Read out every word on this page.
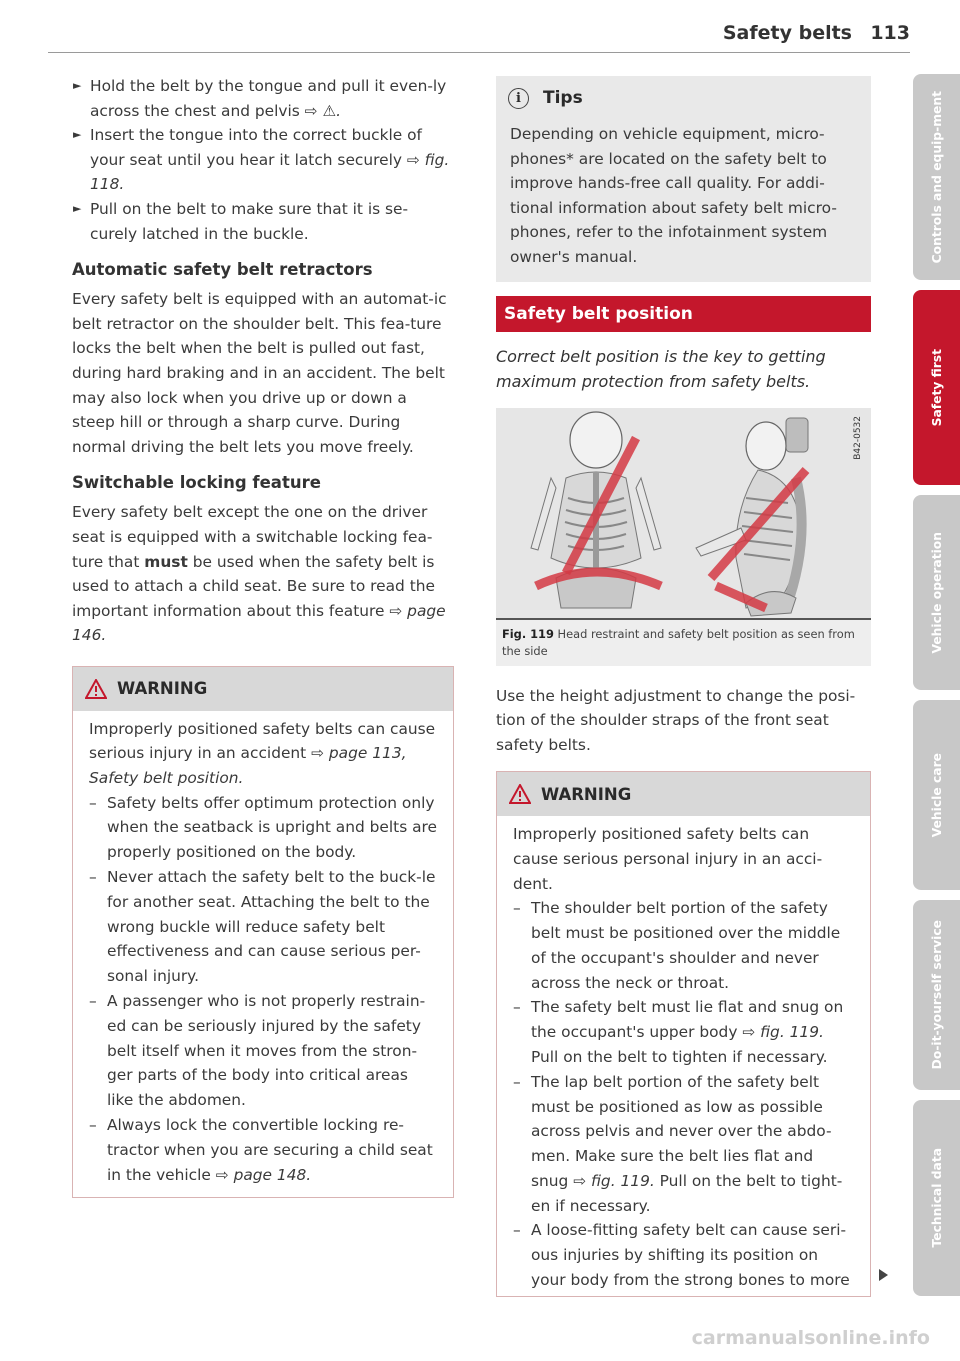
Safety belts 113
► Hold the belt by the tongue and pull it even-ly across the chest and pelvis ⇨ ⚠.
► Insert the tongue into the correct buckle of your seat until you hear it latch securely ⇨ fig. 118.
► Pull on the belt to make sure that it is se-curely latched in the buckle.
Automatic safety belt retractors

Every safety belt is equipped with an automat-ic belt retractor on the shoulder belt. This fea-ture locks the belt when the belt is pulled out fast, during hard braking and in an accident. The belt may also lock when you drive up or down a steep hill or through a sharp curve. During normal driving the belt lets you move freely.

Switchable locking feature

Every safety belt except the one on the driver seat is equipped with a switchable locking fea-ture that must be used when the safety belt is used to attach a child seat. Be sure to read the important information about this feature ⇨ page 146.

WARNING

Improperly positioned safety belts can cause serious injury in an accident ⇨ page 113, Safety belt position.

– Safety belts offer optimum protection only when the seatback is upright and belts are properly positioned on the body.
– Never attach the safety belt to the buck-le for another seat. Attaching the belt to the wrong buckle will reduce safety belt effectiveness and can cause serious per-sonal injury.
– A passenger who is not properly restrain-ed can be seriously injured by the safety belt itself when it moves from the stron-ger parts of the body into critical areas like the abdomen.
– Always lock the convertible locking re-tractor when you are securing a child seat in the vehicle ⇨ page 148.
i	Tips

Depending on vehicle equipment, micro-phones* are located on the safety belt to improve hands-free call quality. For addi-tional information about safety belt micro-phones, refer to the infotainment system owner's manual.

Safety belt position
Correct belt position is the key to getting maximum protection from safety belts.
B42-0532
Fig. 119 Head restraint and safety belt position as seen from the side

Use the height adjustment to change the posi-tion of the shoulder straps of the front seat safety belts.

WARNING

Improperly positioned safety belts can cause serious personal injury in an acci-dent.

– The shoulder belt portion of the safety belt must be positioned over the middle of the occupant's shoulder and never across the neck or throat.
– The safety belt must lie flat and snug on the occupant's upper body ⇨ fig. 119. Pull on the belt to tighten if necessary.
– The lap belt portion of the safety belt must be positioned as low as possible across pelvis and never over the abdo-men. Make sure the belt lies flat and snug ⇨ fig. 119. Pull on the belt to tight-en if necessary.
– A loose-fitting safety belt can cause seri-ous injuries by shifting its position on your body from the strong bones to more
Controls and equip-ment
Safety first
Vehicle operation
Vehicle care
Do-it-yourself service
Technical data
carmanualsonline.info
